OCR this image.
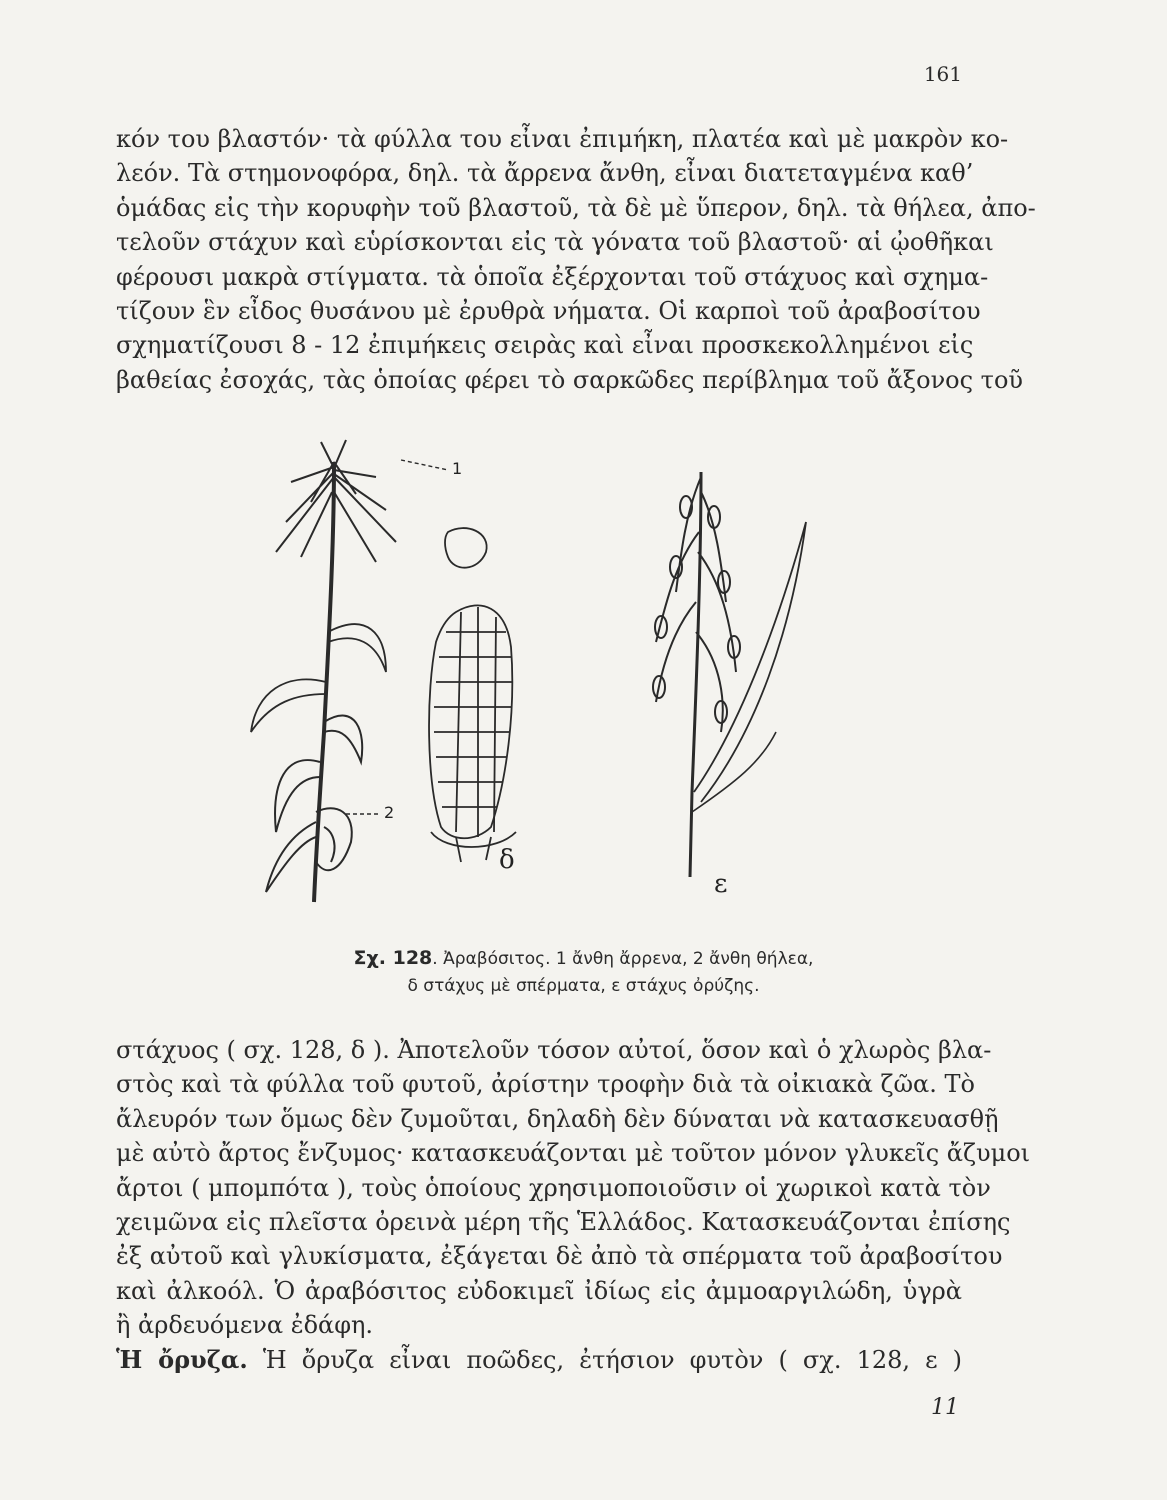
161
κόν του βλαστόν· τὰ φύλλα του εἶναι ἐπιμήκη, πλατέα καὶ μὲ μακρὸν κο-
λεόν. Τὰ στημονοφόρα, δηλ. τὰ ἄρρενα ἄνθη, εἶναι διατεταγμένα καθ’
ὁμάδας εἰς τὴν κορυφὴν τοῦ βλαστοῦ, τὰ δὲ μὲ ὕπερον, δηλ. τὰ θήλεα, ἀπο-
τελοῦν στάχυν καὶ εὑρίσκονται εἰς τὰ γόνατα τοῦ βλαστοῦ· αἱ ᾠοθῆκαι
φέρουσι μακρὰ στίγματα. τὰ ὁποῖα ἐξέρχονται τοῦ στάχυος καὶ σχημα-
τίζουν ἓν εἶδος θυσάνου μὲ ἐρυθρὰ νήματα. Οἱ καρποὶ τοῦ ἀραβοσίτου
σχηματίζουσι 8 - 12 ἐπιμήκεις σειρὰς καὶ εἶναι προσκεκολλημένοι εἰς
βαθείας ἐσοχάς, τὰς ὁποίας φέρει τὸ σαρκῶδες περίβλημα τοῦ ἄξονος τοῦ
1
2
δ
ε
Σχ. 128. Ἀραβόσιτος. 1 ἄνθη ἄρρενα, 2 ἄνθη θήλεα,
δ στάχυς μὲ σπέρματα, ε στάχυς ὀρύζης.
στάχυος ( σχ. 128, δ ). Ἀποτελοῦν τόσον αὐτοί, ὅσον καὶ ὁ χλωρὸς βλα-
στὸς καὶ τὰ φύλλα τοῦ φυτοῦ, ἀρίστην τροφὴν διὰ τὰ οἰκιακὰ ζῶα. Τὸ
ἄλευρόν των ὅμως δὲν ζυμοῦται, δηλαδὴ δὲν δύναται νὰ κατασκευασθῇ
μὲ αὐτὸ ἄρτος ἔνζυμος· κατασκευάζονται μὲ τοῦτον μόνον γλυκεῖς ἄζυμοι
ἄρτοι ( μπομπότα ), τοὺς ὁποίους χρησιμοποιοῦσιν οἱ χωρικοὶ κατὰ τὸν
χειμῶνα εἰς πλεῖστα ὀρεινὰ μέρη τῆς Ἑλλάδος. Κατασκευάζονται ἐπίσης
ἐξ αὐτοῦ καὶ γλυκίσματα, ἐξάγεται δὲ ἀπὸ τὰ σπέρματα τοῦ ἀραβοσίτου
καὶ ἀλκοόλ. Ὁ ἀραβόσιτος εὐδοκιμεῖ ἰδίως εἰς ἀμμοαργιλώδη, ὑγρὰ
ἢ ἀρδευόμενα ἐδάφη.
Ἡ ὄρυζα. Ἡ ὄρυζα εἶναι ποῶδες, ἐτήσιον φυτὸν ( σχ. 128, ε )
11
